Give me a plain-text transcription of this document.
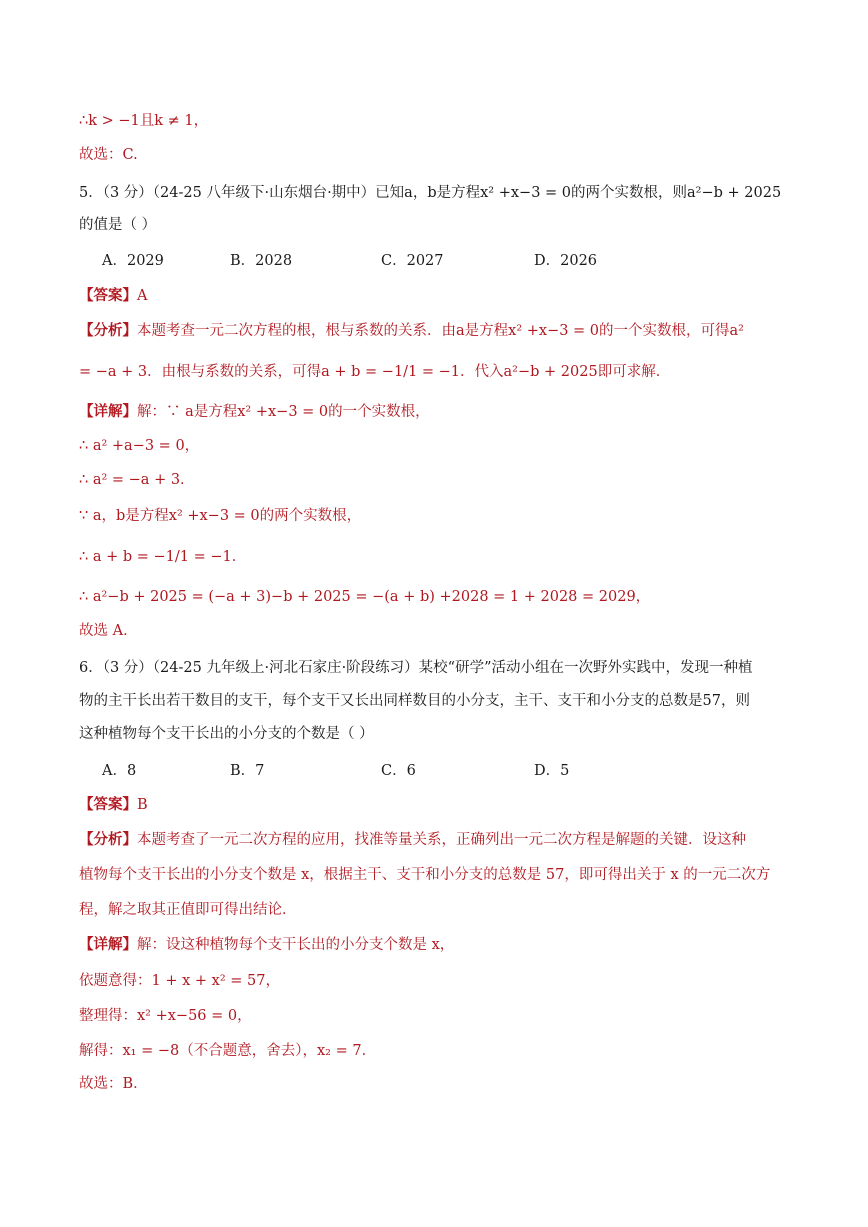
∴k > −1且k ≠ 1，
故选：C.
5．（3 分）（24-25 八年级下·山东烟台·期中）已知a，b是方程x² +x−3 = 0的两个实数根，则a²−b + 2025
的值是（ ）
A．2029	B．2028	C．2027	D．2026
【答案】A
【分析】本题考查一元二次方程的根，根与系数的关系．由a是方程x² +x−3 = 0的一个实数根，可得a²
= −a + 3．由根与系数的关系，可得a + b = −1/1 = −1．代入a²−b + 2025即可求解．
【详解】解：∵ a是方程x² +x−3 = 0的一个实数根，
∴ a² +a−3 = 0，
∴ a² = −a + 3．
∵ a，b是方程x² +x−3 = 0的两个实数根，
∴ a + b = −1/1 = −1．
∴ a²−b + 2025 = (−a + 3)−b + 2025 = −(a + b) +2028 = 1 + 2028 = 2029，
故选 A．
6．（3 分）（24-25 九年级上·河北石家庄·阶段练习）某校“研学”活动小组在一次野外实践中，发现一种植
物的主干长出若干数目的支干，每个支干又长出同样数目的小分支，主干、支干和小分支的总数是57，则
这种植物每个支干长出的小分支的个数是（ ）
A．8	B．7	C．6	D．5
【答案】B
【分析】本题考查了一元二次方程的应用，找准等量关系，正确列出一元二次方程是解题的关键．设这种
植物每个支干长出的小分支个数是 x，根据主干、支干和小分支的总数是 57，即可得出关于 x 的一元二次方
程，解之取其正值即可得出结论．
【详解】解：设这种植物每个支干长出的小分支个数是 x，
依题意得：1 + x + x² = 57，
整理得：x² +x−56 = 0，
解得：x₁ = −8（不合题意，舍去），x₂ = 7．
故选：B．
